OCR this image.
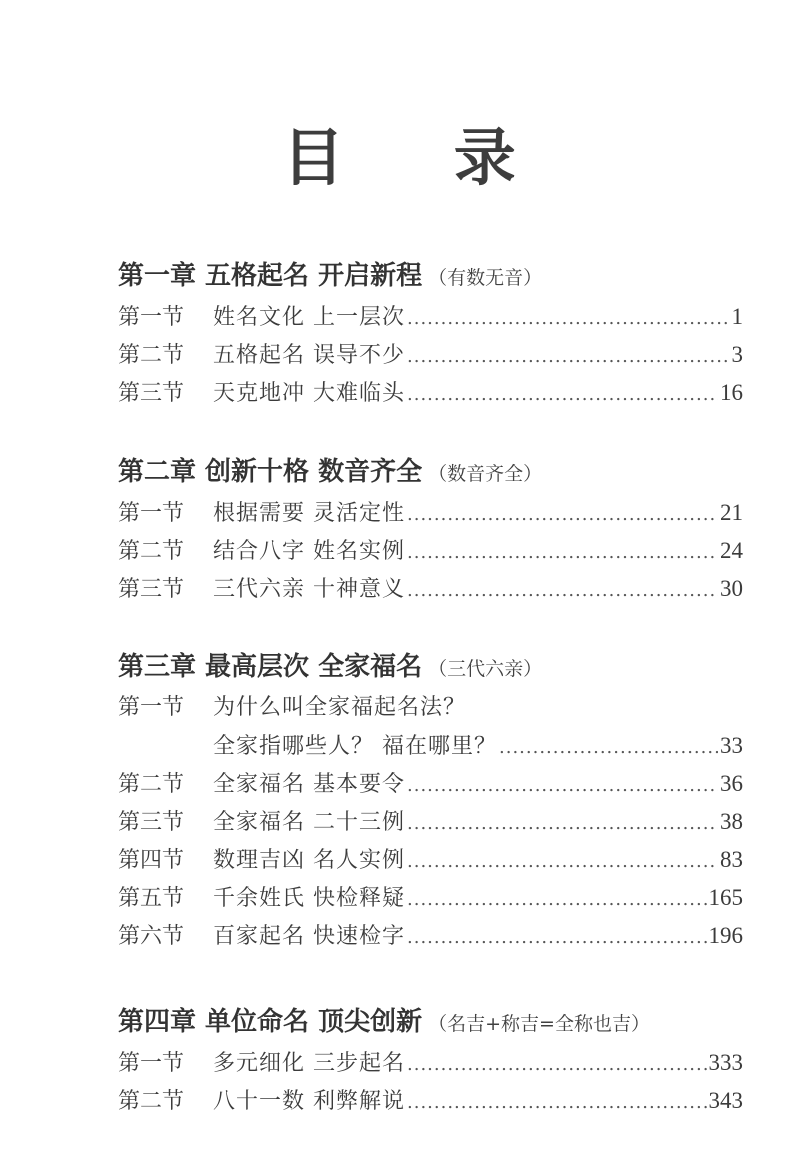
目 录
第一章 五格起名 开启新程 （有数无音）
第一节	姓名文化 上一层次 .....	1
第二节	五格起名 误导不少 .....	3
第三节	天克地冲 大难临头 .....	16
第二章 创新十格 数音齐全 （数音齐全）
第一节	根据需要 灵活定性 .....	21
第二节	结合八字 姓名实例 .....	24
第三节	三代六亲 十神意义 .....	30
第三章 最高层次 全家福名 （三代六亲）
第一节	为什么叫全家福起名法？
全家指哪些人？ 福在哪里？ .....	33
第二节	全家福名 基本要令 .....	36
第三节	全家福名 二十三例 .....	38
第四节	数理吉凶 名人实例 .....	83
第五节	千余姓氏 快检释疑 .....	165
第六节	百家起名 快速检字 .....	196
第四章 单位命名 顶尖创新 （名吉+称吉=全称也吉）
第一节	多元细化 三步起名 .....	333
第二节	八十一数 利弊解说 .....	343
